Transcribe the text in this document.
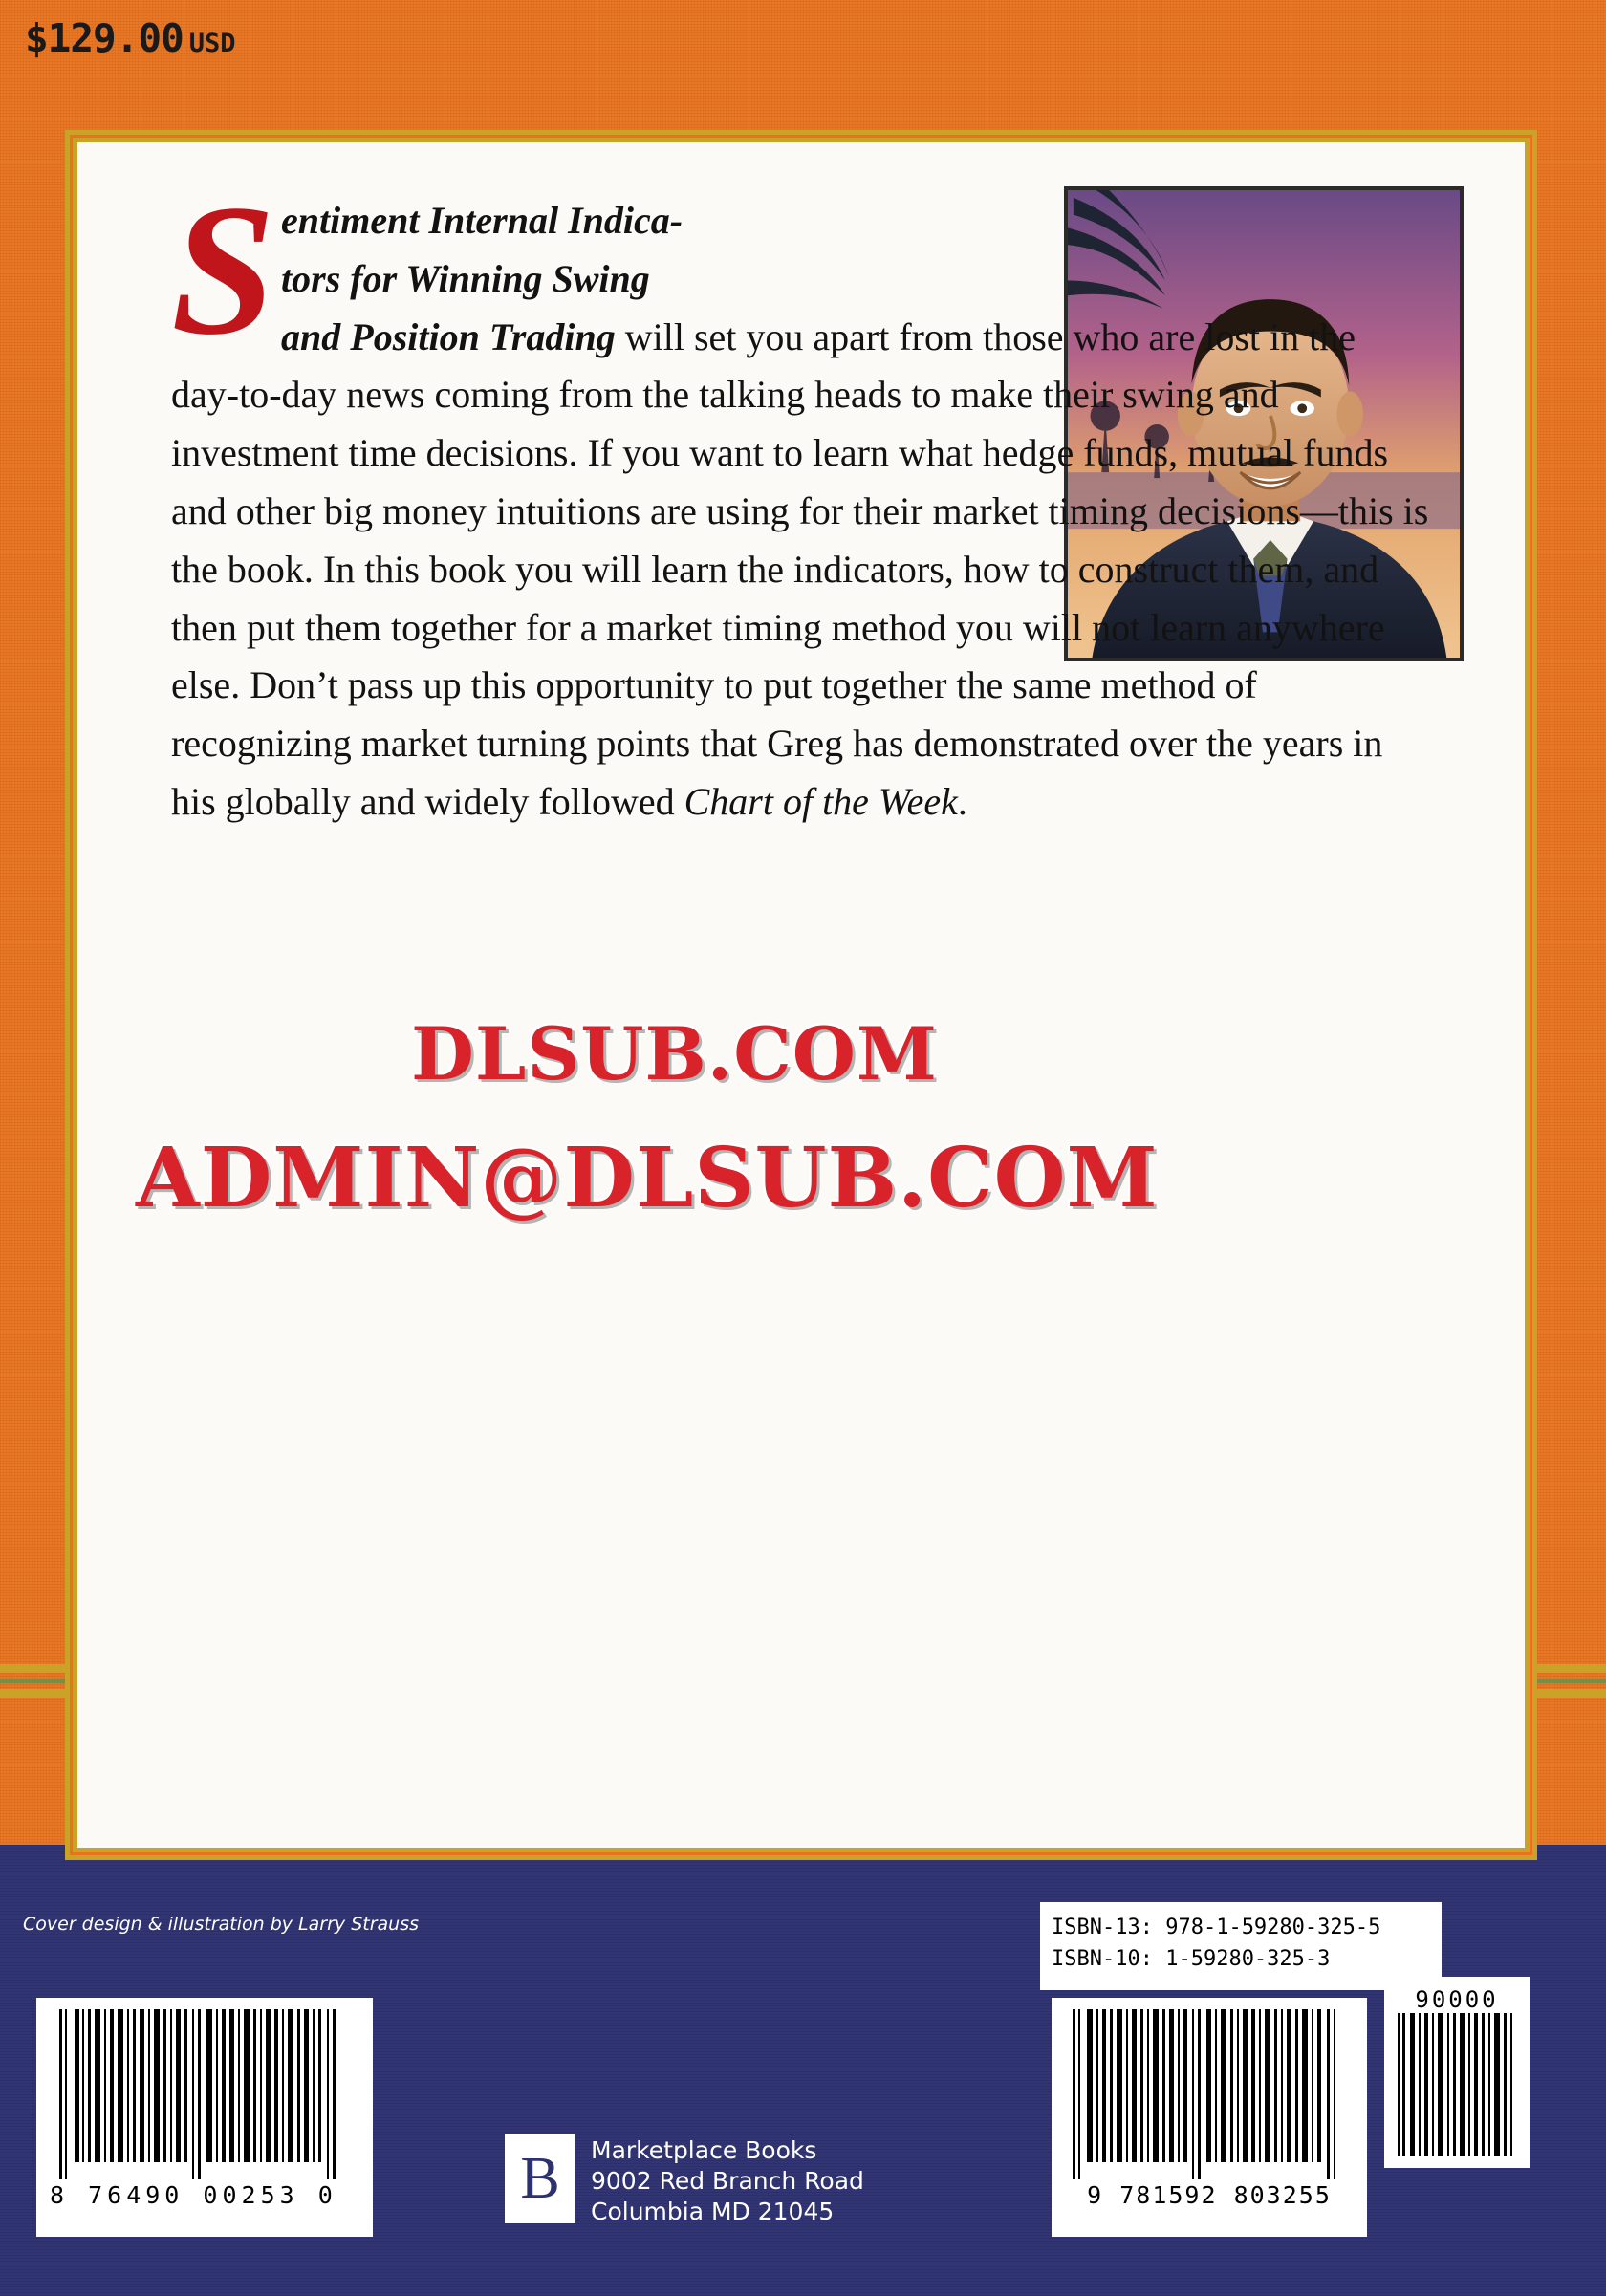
$129.00 USD
S entiment Internal Indica-
tors for Winning Swing
and Position Trading will set you apart from those who are lost in the day-to-day news coming from the talking heads to make their swing and investment time decisions. If you want to learn what hedge funds, mutual funds and other big money intuitions are using for their market timing decisions—this is the book. In this book you will learn the indicators, how to construct them, and then put them together for a market timing method you will not learn anywhere else. Don’t pass up this opportunity to put together the same method of recognizing market turning points that Greg has demonstrated over the years in his globally and widely followed Chart of the Week.
DLSUB.COM
ADMIN@DLSUB.COM
Cover design & illustration by Larry Strauss	ISBN-13: 978-1-59280-325-5
ISBN-10: 1-59280-325-3
8 76490 00253 0	9 781592 803255
90000
B	Marketplace Books
9002 Red Branch Road
Columbia MD 21045
